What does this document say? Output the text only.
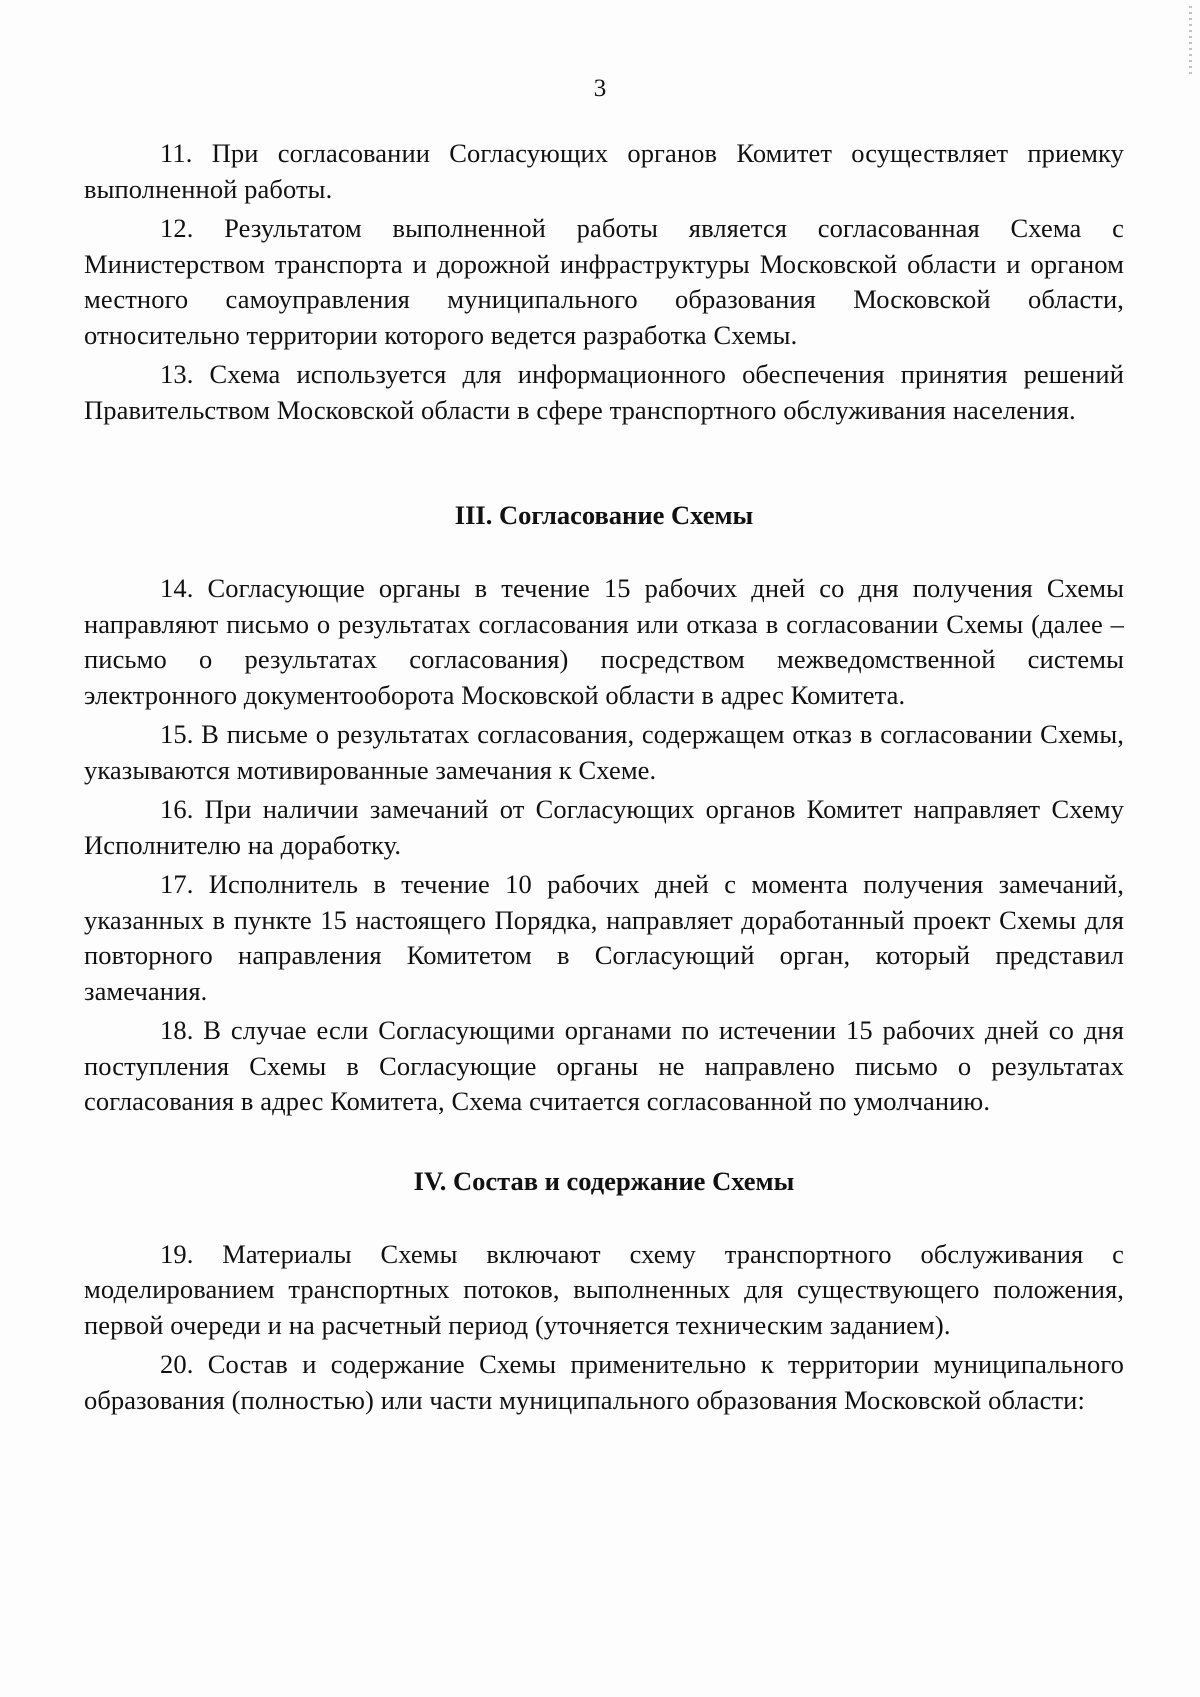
3

11. При согласовании Согласующих органов Комитет осуществляет приемку выполненной работы.

12. Результатом выполненной работы является согласованная Схема с Министерством транспорта и дорожной инфраструктуры Московской области и органом местного самоуправления муниципального образования Московской области, относительно территории которого ведется разработка Схемы.

13. Схема используется для информационного обеспечения принятия решений Правительством Московской области в сфере транспортного обслуживания населения.

III. Согласование Схемы

14. Согласующие органы в течение 15 рабочих дней со дня получения Схемы направляют письмо о результатах согласования или отказа в согласовании Схемы (далее – письмо о результатах согласования) посредством межведомственной системы электронного документооборота Московской области в адрес Комитета.

15. В письме о результатах согласования, содержащем отказ в согласовании Схемы, указываются мотивированные замечания к Схеме.

16. При наличии замечаний от Согласующих органов Комитет направляет Схему Исполнителю на доработку.

17. Исполнитель в течение 10 рабочих дней с момента получения замечаний, указанных в пункте 15 настоящего Порядка, направляет доработанный проект Схемы для повторного направления Комитетом в Согласующий орган, который представил замечания.

18. В случае если Согласующими органами по истечении 15 рабочих дней со дня поступления Схемы в Согласующие органы не направлено письмо о результатах согласования в адрес Комитета, Схема считается согласованной по умолчанию.

IV. Состав и содержание Схемы

19. Материалы Схемы включают схему транспортного обслуживания с моделированием транспортных потоков, выполненных для существующего положения, первой очереди и на расчетный период (уточняется техническим заданием).

20. Состав и содержание Схемы применительно к территории муниципального образования (полностью) или части муниципального образования Московской области:
